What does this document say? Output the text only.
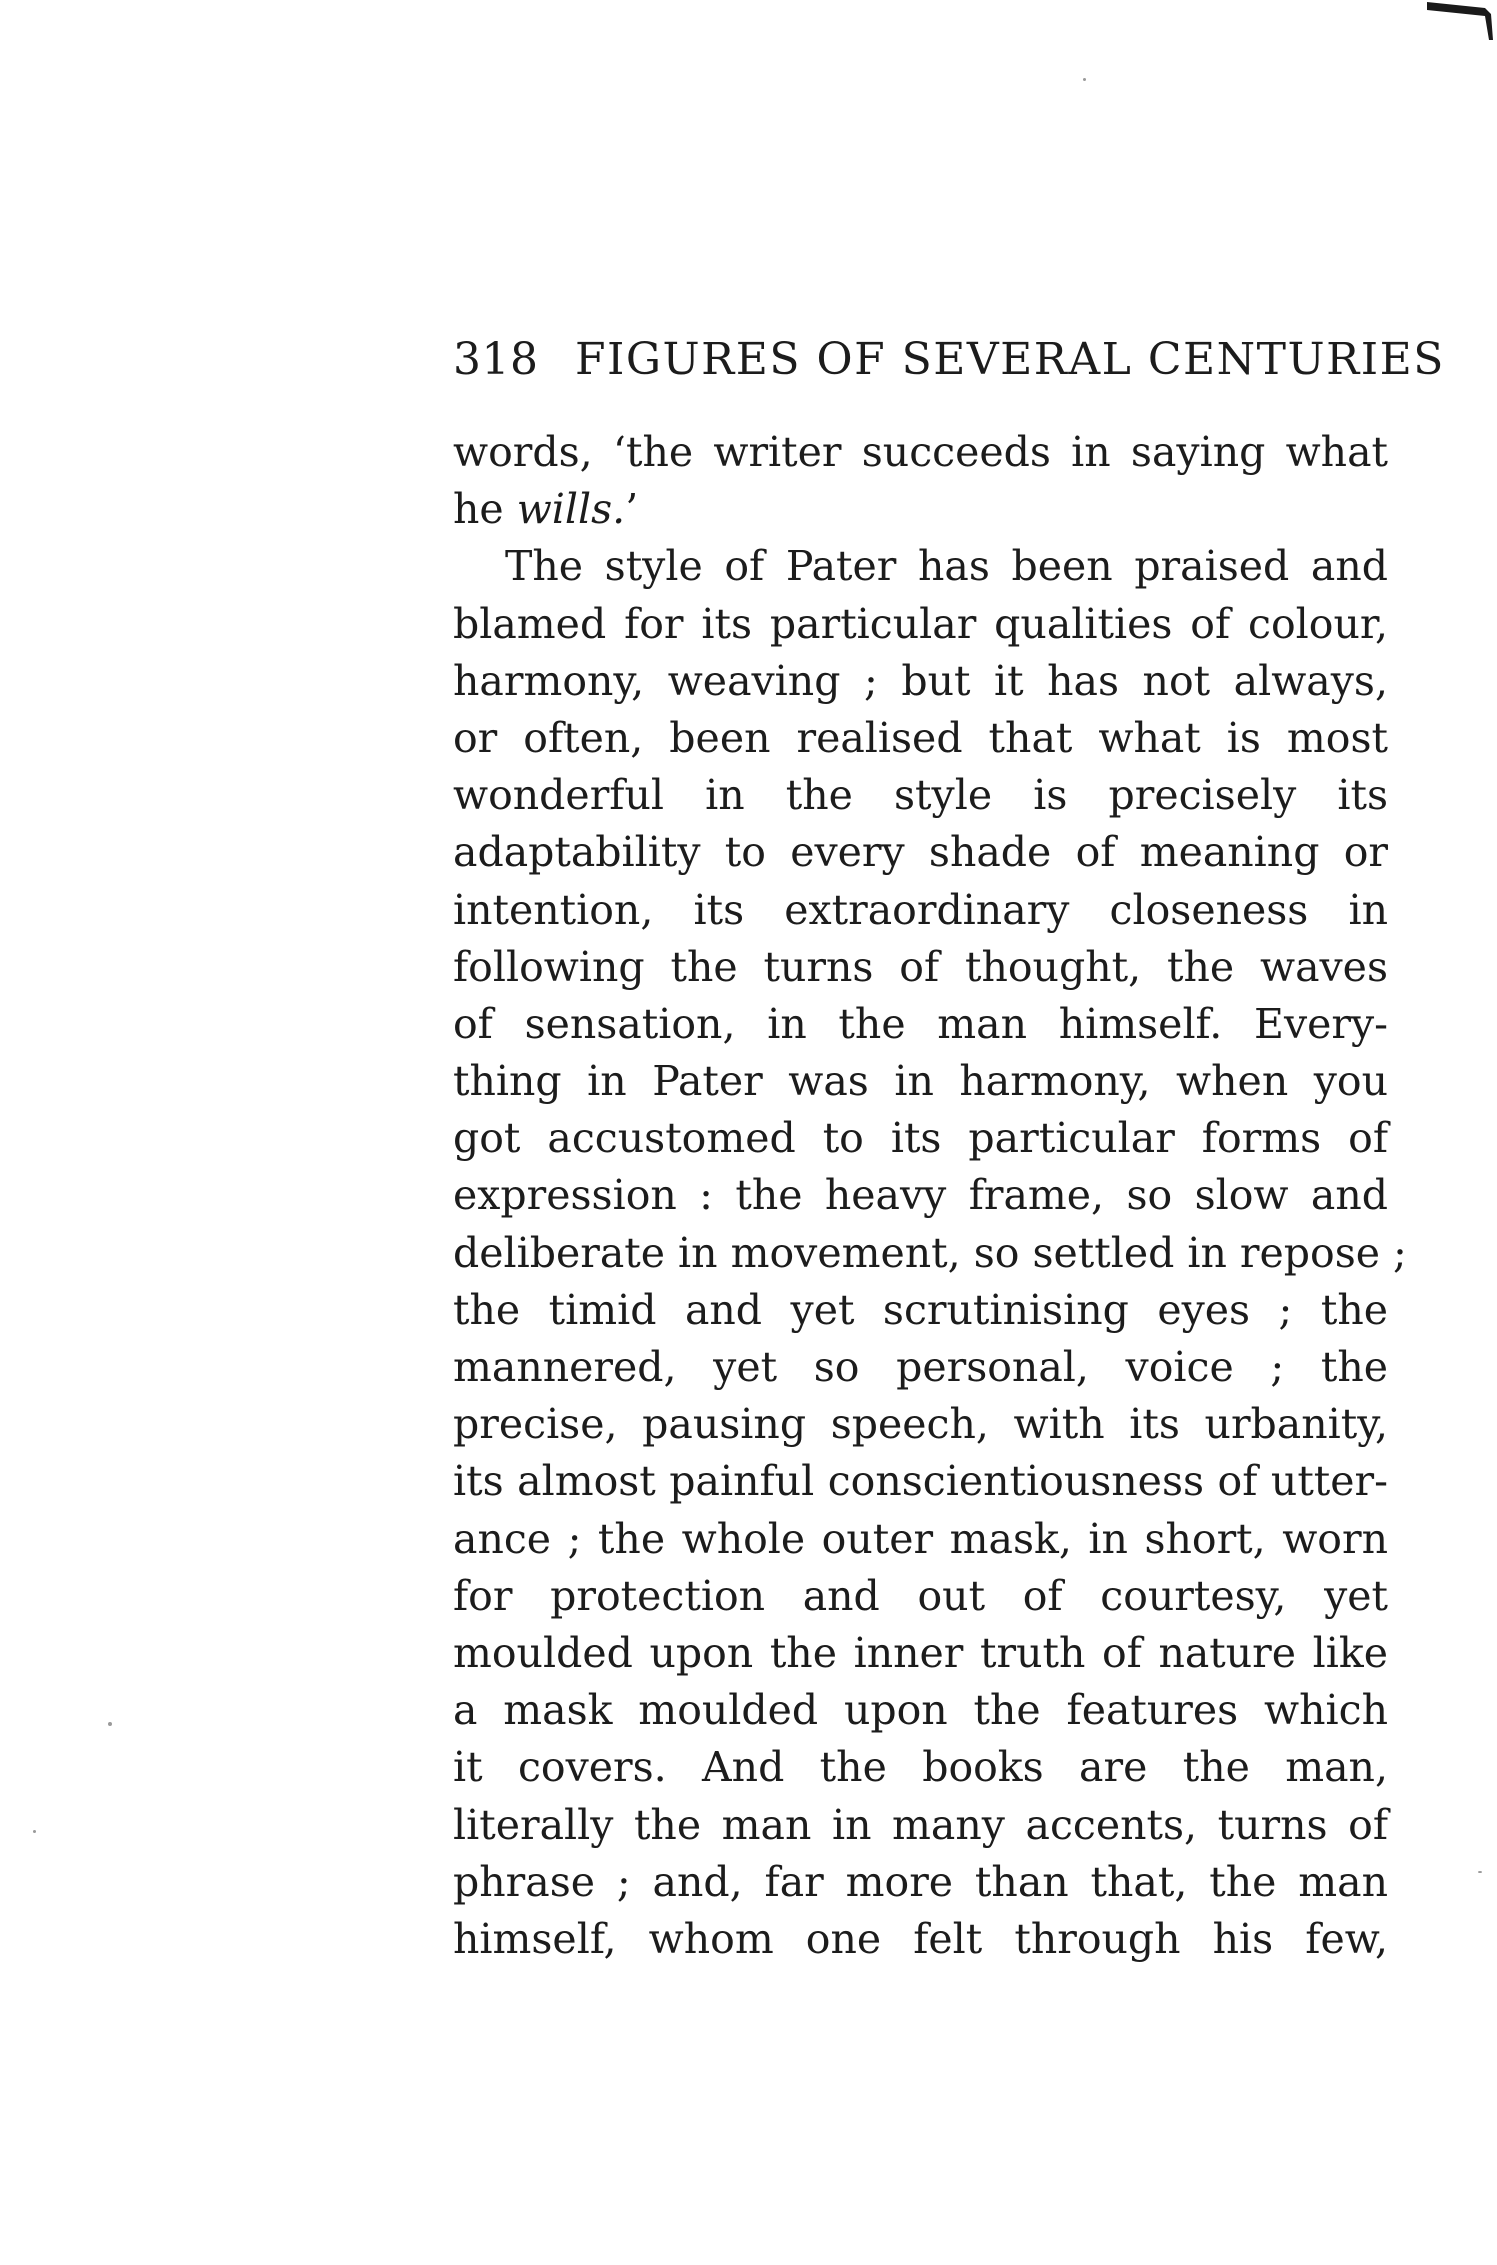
318 FIGURES OF SEVERAL CENTURIES
words, ‘the writer succeeds in saying what
he wills.’
The style of Pater has been praised and
blamed for its particular qualities of colour,
harmony, weaving ; but it has not always,
or often, been realised that what is most
wonderful in the style is precisely its
adaptability to every shade of meaning or
intention, its extraordinary closeness in
following the turns of thought, the waves
of sensation, in the man himself. Every-
thing in Pater was in harmony, when you
got accustomed to its particular forms of
expression : the heavy frame, so slow and
deliberate in movement, so settled in repose ;
the timid and yet scrutinising eyes ; the
mannered, yet so personal, voice ; the
precise, pausing speech, with its urbanity,
its almost painful conscientiousness of utter-
ance ; the whole outer mask, in short, worn
for protection and out of courtesy, yet
moulded upon the inner truth of nature like
a mask moulded upon the features which
it covers. And the books are the man,
literally the man in many accents, turns of
phrase ; and, far more than that, the man
himself, whom one felt through his few,
